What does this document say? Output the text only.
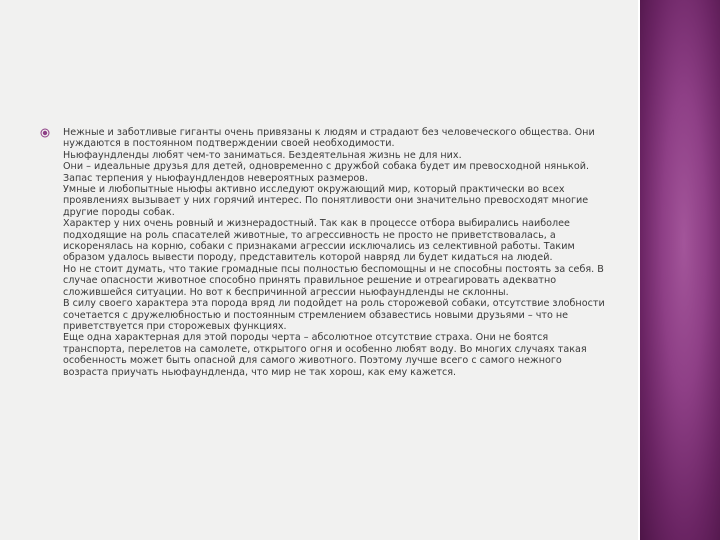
Нежные и заботливые гиганты очень привязаны к людям и страдают без человеческого общества. Они нуждаются в постоянном подтверждении своей необходимости.
Ньюфаундленды любят чем-то заниматься. Бездеятельная жизнь не для них.
Они – идеальные друзья для детей, одновременно с дружбой собака будет им превосходной нянькой. Запас терпения у ньюфаундлендов невероятных размеров.
Умные и любопытные ньюфы активно исследуют окружающий мир, который практически во всех проявлениях вызывает у них горячий интерес. По понятливости они значительно превосходят многие другие породы собак.
Характер у них очень ровный и жизнерадостный. Так как в процессе отбора выбирались наиболее подходящие на роль спасателей животные, то агрессивность не просто не приветствовалась, а искоренялась на корню, собаки с признаками агрессии исключались из селективной работы. Таким образом удалось вывести породу, представитель которой навряд ли будет кидаться на людей.
Но не стоит думать, что такие громадные псы полностью беспомощны и не способны постоять за себя. В случае опасности животное способно принять правильное решение и отреагировать адекватно сложившейся ситуации. Но вот к беспричинной агрессии ньюфаундленды не склонны.
В силу своего характера эта порода вряд ли подойдет на роль сторожевой собаки, отсутствие злобности сочетается с дружелюбностью и постоянным стремлением обзавестись новыми друзьями – что не приветствуется при сторожевых функциях.
Еще одна характерная для этой породы черта – абсолютное отсутствие страха. Они не боятся транспорта, перелетов на самолете, открытого огня и особенно любят воду. Во многих случаях такая особенность может быть опасной для самого животного. Поэтому лучше всего с самого нежного возраста приучать ньюфаундленда, что мир не так хорош, как ему кажется.
